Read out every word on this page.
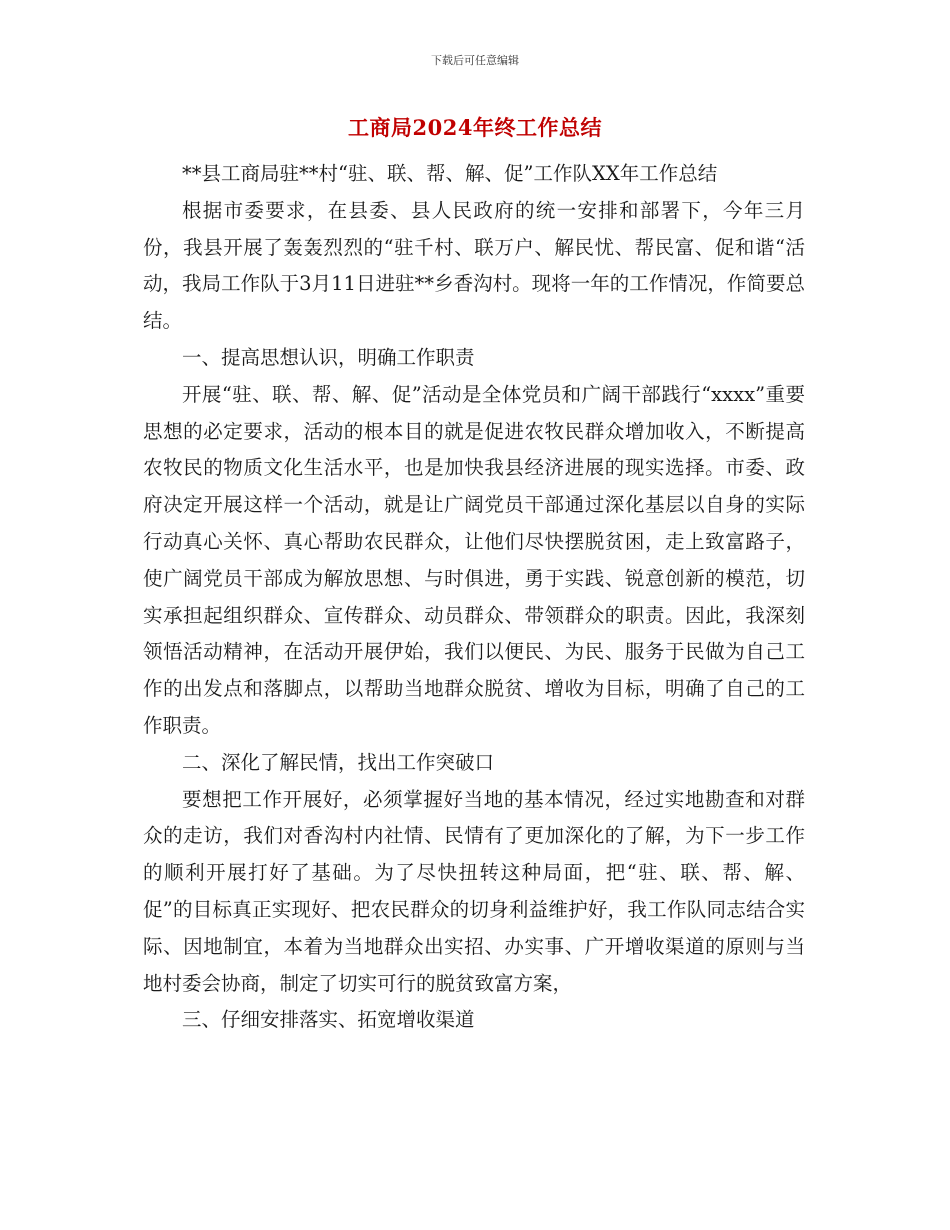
下载后可任意编辑
工商局2024年终工作总结

**县工商局驻**村“驻、联、帮、解、促”工作队XX年工作总结

根据市委要求，在县委、县人民政府的统一安排和部署下，今年三月份，我县开展了轰轰烈烈的“驻千村、联万户、解民忧、帮民富、促和谐“活动，我局工作队于3月11日进驻**乡香沟村。现将一年的工作情况，作简要总结。

一、提高思想认识，明确工作职责

开展“驻、联、帮、解、促”活动是全体党员和广阔干部践行“xxxx”重要思想的必定要求，活动的根本目的就是促进农牧民群众增加收入，不断提高农牧民的物质文化生活水平，也是加快我县经济进展的现实选择。市委、政府决定开展这样一个活动，就是让广阔党员干部通过深化基层以自身的实际行动真心关怀、真心帮助农民群众，让他们尽快摆脱贫困，走上致富路子，使广阔党员干部成为解放思想、与时俱进，勇于实践、锐意创新的模范，切实承担起组织群众、宣传群众、动员群众、带领群众的职责。因此，我深刻领悟活动精神，在活动开展伊始，我们以便民、为民、服务于民做为自己工作的出发点和落脚点，以帮助当地群众脱贫、增收为目标，明确了自己的工作职责。

二、深化了解民情，找出工作突破口

要想把工作开展好，必须掌握好当地的基本情况，经过实地勘查和对群众的走访，我们对香沟村内社情、民情有了更加深化的了解，为下一步工作的顺利开展打好了基础。为了尽快扭转这种局面，把“驻、联、帮、解、促”的目标真正实现好、把农民群众的切身利益维护好，我工作队同志结合实际、因地制宜，本着为当地群众出实招、办实事、广开增收渠道的原则与当地村委会协商，制定了切实可行的脱贫致富方案，

三、仔细安排落实、拓宽增收渠道
